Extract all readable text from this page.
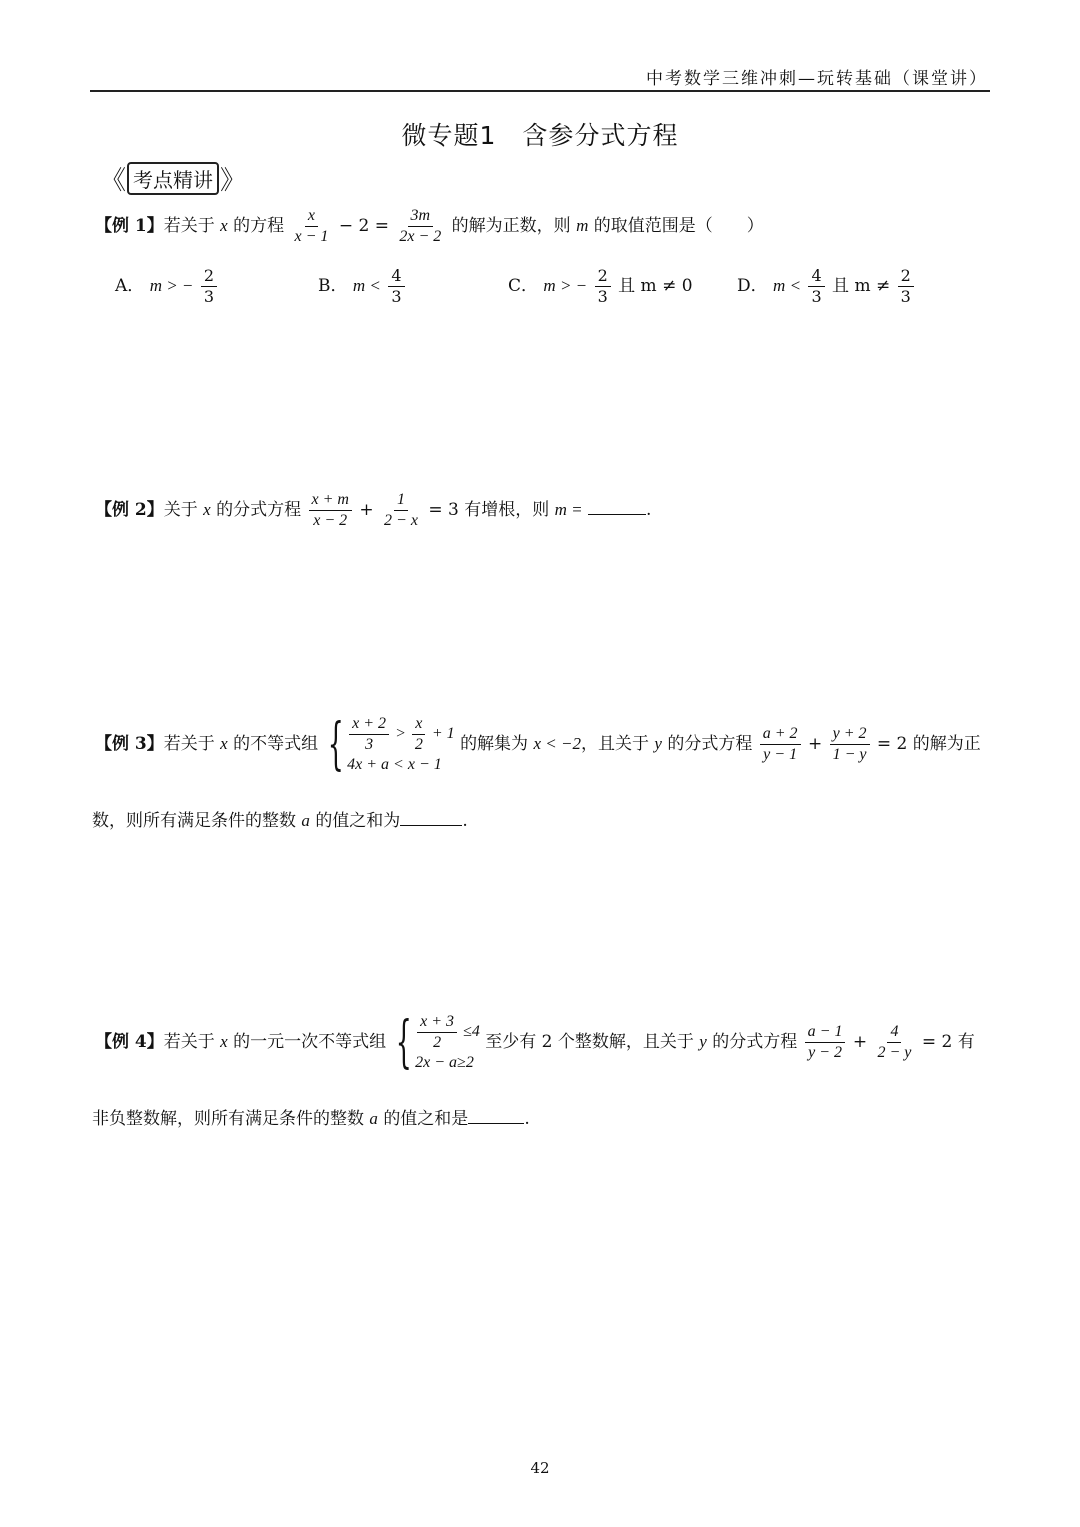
中考数学三维冲刺—玩转基础（课堂讲）
微专题1　含参分式方程
《 考点精讲 》
【例 1】若关于 x 的方程 $\frac{x}{x - 1} - 2 = \frac{3m}{2x - 2}$ 的解为正数，则 m 的取值范围是（　　）
A． m > − $\frac{2}{3}$	B． $m < \frac{4}{3}$	C． m > − $\frac{2}{3}$ 且 m ≠ 0	D． $m < \frac{4}{3}$ 且 $m \ne \frac{2}{3}$
【例 2】关于 x 的分式方程 $\frac{x + m}{x - 2} + \frac{1}{2 - x} = 3$ 有增根，则 m =	.
【例 3】若关于 x 的不等式组 { $\frac{x + 2}{3} > \frac{x}{2} + 1$
4x + a < x − 1
的解集为 x < −2，且关于 y 的分式方程 $\frac{a + 2}{y - 1} + \frac{y + 2}{1 - y} = 2$ 的解为正
数，则所有满足条件的整数 a 的值之和为	.
【例 4】若关于 x 的一元一次不等式组 { $\frac{x + 3}{2} \le 4$
2x − a≥2
至少有 2 个整数解，且关于 y 的分式方程 $\frac{a - 1}{y - 2} + \frac{4}{2 - y} = 2$ 有
非负整数解，则所有满足条件的整数 a 的值之和是	.
42
